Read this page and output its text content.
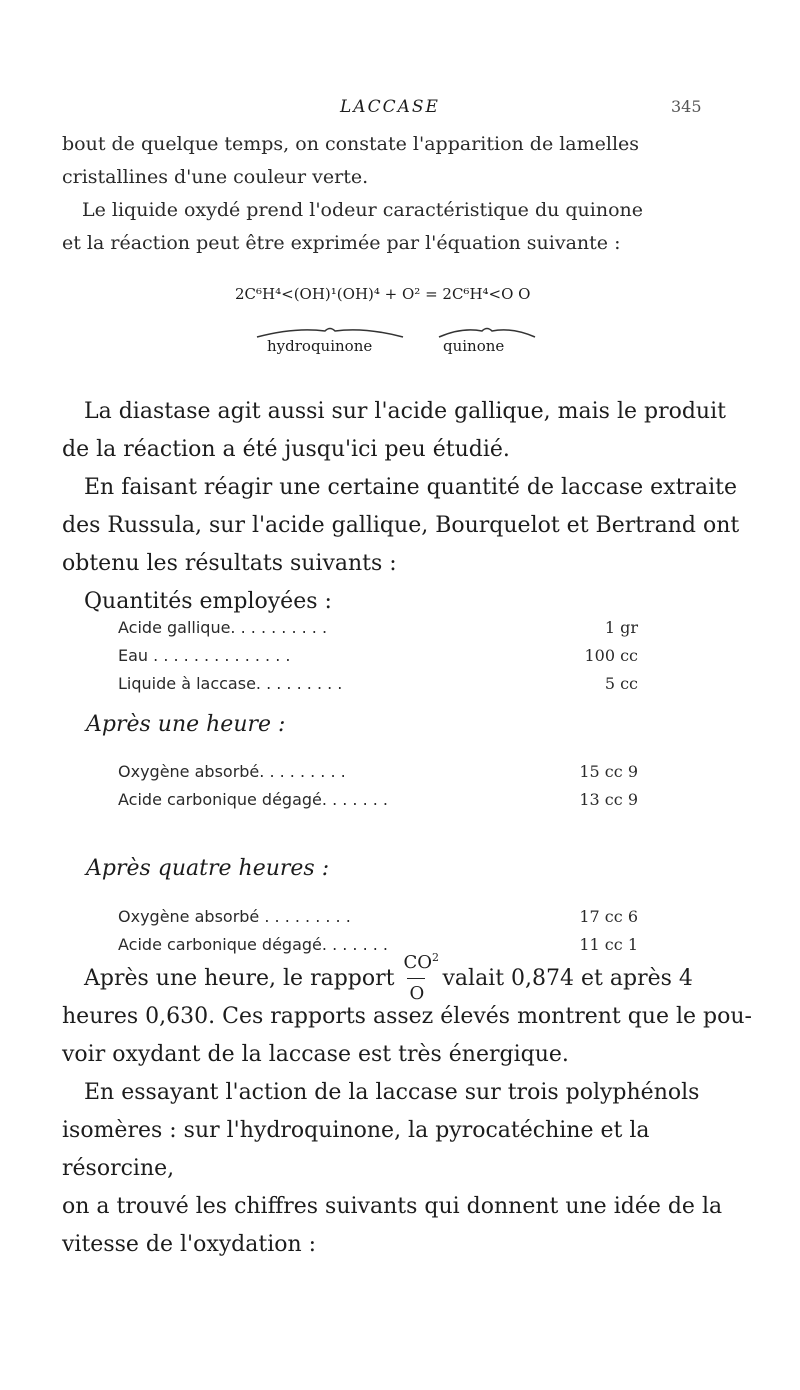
LACCASE	345
bout de quelque temps, on constate l'apparition de lamelles
cristallines d'une couleur verte.
Le liquide oxydé prend l'odeur caractéristique du quinone
et la réaction peut être exprimée par l'équation suivante :
2C⁶H⁴<(OH)¹(OH)⁴ + O² = 2C⁶H⁴<O O
hydroquinone	quinone
La diastase agit aussi sur l'acide gallique, mais le produit
de la réaction a été jusqu'ici peu étudié.
En faisant réagir une certaine quantité de laccase extraite
des Russula, sur l'acide gallique, Bourquelot et Bertrand ont
obtenu les résultats suivants :
Quantités employées :
Acide gallique. . . . . . . . . .	1 gr
Eau . . . . . . . . . . . . . .	100 cc
Liquide à laccase. . . . . . . . .	5 cc
Après une heure :
Oxygène absorbé. . . . . . . . .	15 cc 9
Acide carbonique dégagé. . . . . . .	13 cc 9
Après quatre heures :
Oxygène absorbé . . . . . . . . .	17 cc 6
Acide carbonique dégagé. . . . . . .	11 cc 1
Après une heure, le rapport $\frac{CO^2}{O}$ valait 0,874 et après 4
heures 0,630. Ces rapports assez élevés montrent que le pou-
voir oxydant de la laccase est très énergique.
En essayant l'action de la laccase sur trois polyphénols
isomères : sur l'hydroquinone, la pyrocatéchine et la résorcine,
on a trouvé les chiffres suivants qui donnent une idée de la
vitesse de l'oxydation :
